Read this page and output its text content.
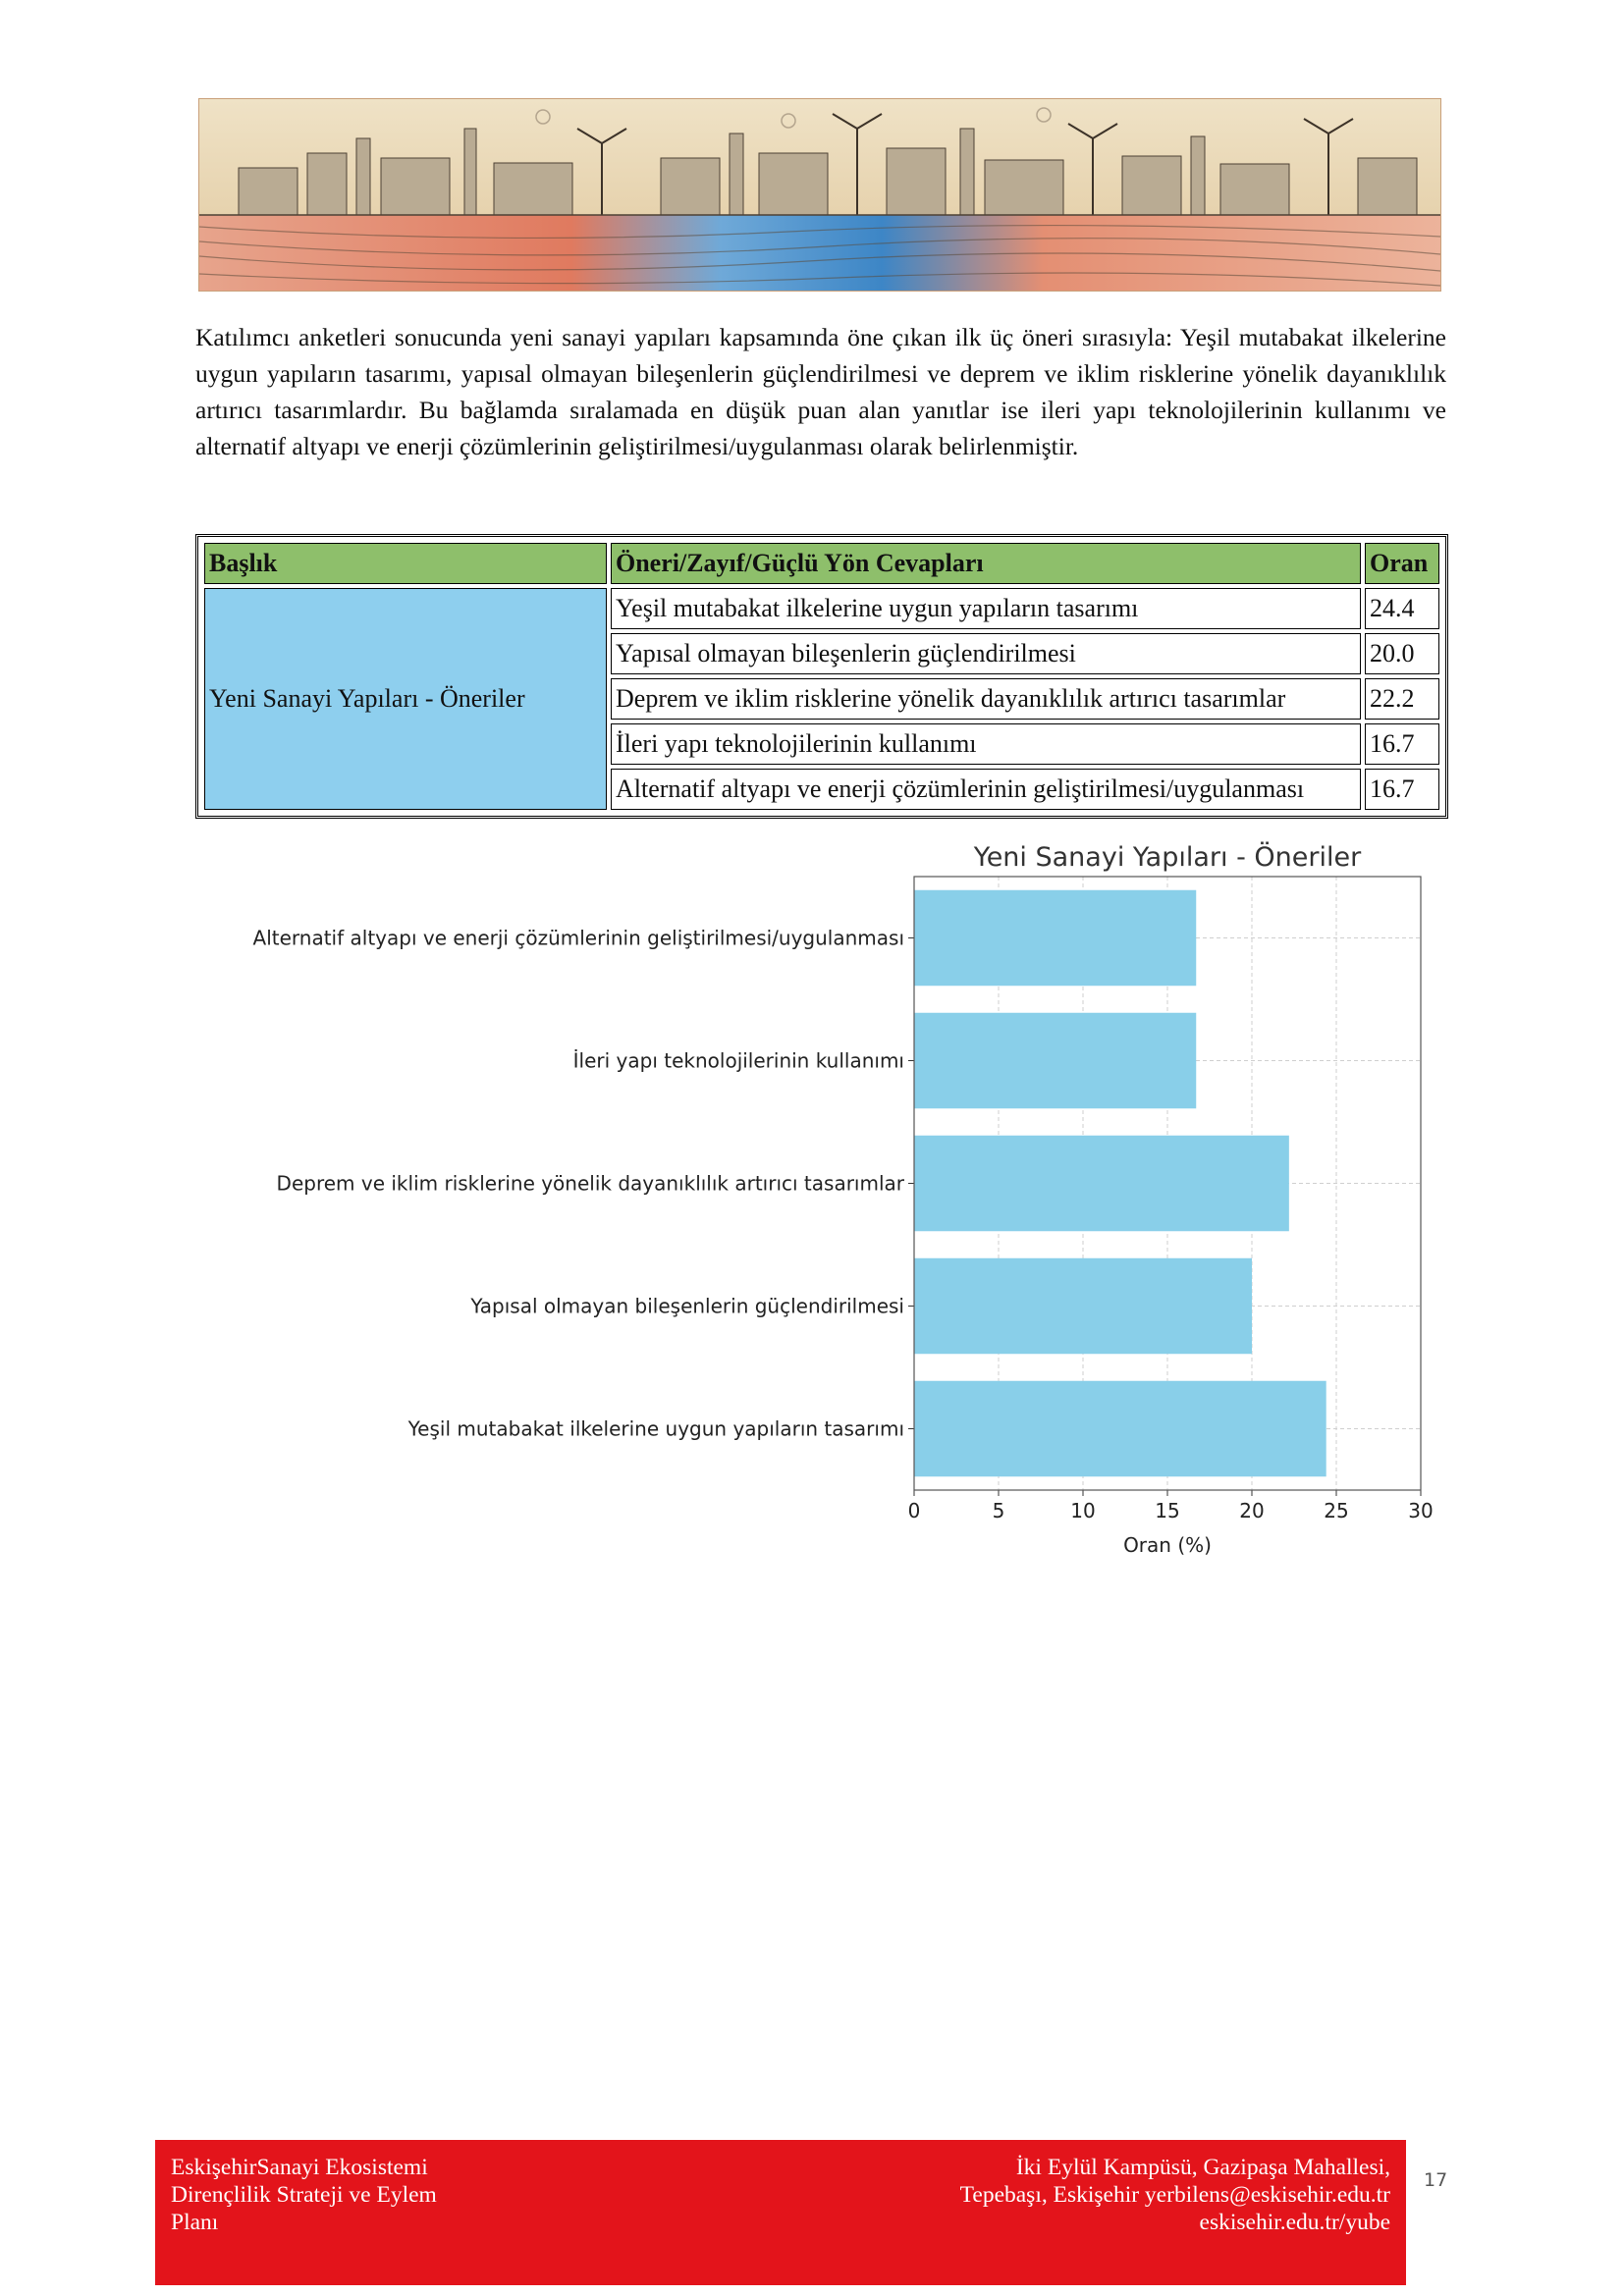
Katılımcı anketleri sonucunda yeni sanayi yapıları kapsamında öne çıkan ilk üç öneri sırasıyla: Yeşil mutabakat ilkelerine uygun yapıların tasarımı, yapısal olmayan bileşenlerin güçlendirilmesi ve deprem ve iklim risklerine yönelik dayanıklılık artırıcı tasarımlardır. Bu bağlamda sıralamada en düşük puan alan yanıtlar ise ileri yapı teknolojilerinin kullanımı ve alternatif altyapı ve enerji çözümlerinin geliştirilmesi/uygulanması olarak belirlenmiştir.

Başlık	Öneri/Zayıf/Güçlü Yön Cevapları	Oran
Yeni Sanayi Yapıları - Öneriler	Yeşil mutabakat ilkelerine uygun yapıların tasarımı	24.4
	Yapısal olmayan bileşenlerin güçlendirilmesi	20.0
	Deprem ve iklim risklerine yönelik dayanıklılık artırıcı tasarımlar	22.2
	İleri yapı teknolojilerinin kullanımı	16.7
	Alternatif altyapı ve enerji çözümlerinin geliştirilmesi/uygulanması	16.7
Yeni Sanayi Yapıları - Öneriler
Alternatif altyapı ve enerji çözümlerinin geliştirilmesi/uygulanması
İleri yapı teknolojilerinin kullanımı
Deprem ve iklim risklerine yönelik dayanıklılık artırıcı tasarımlar
Yapısal olmayan bileşenlerin güçlendirilmesi
Yeşil mutabakat ilkelerine uygun yapıların tasarımı
0	5	10	15	20	25	30
Oran (%)
EskişehirSanayi Ekosistemi
Dirençlilik Strateji ve Eylem
Planı
İki Eylül Kampüsü, Gazipaşa Mahallesi,
Tepebaşı, Eskişehir yerbilens@eskisehir.edu.tr
eskisehir.edu.tr/yube
17
